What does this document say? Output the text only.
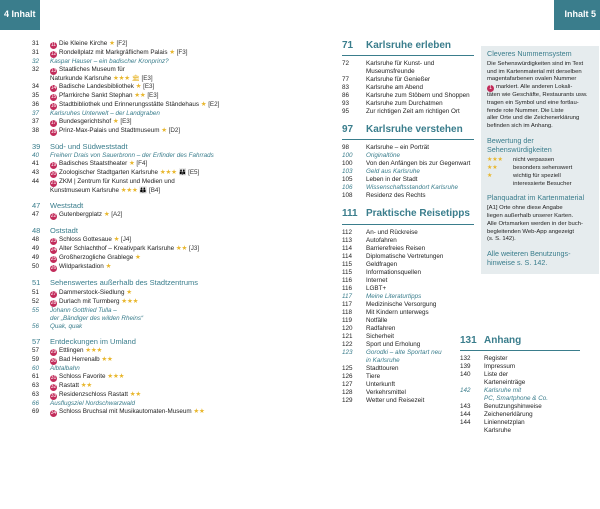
4 Inhalt	Inhalt 5
31	11 Die Kleine Kirche ★ [F2]
31	12 Rondellplatz mit Markgräflichem Palais ★ [F3]
32	Kaspar Hauser – ein badischer Kronprinz?
32	13 Staatliches Museum für
Naturkunde Karlsruhe ★★★ 🏛 [E3]
34	14 Badische Landesbibliothek ★ [E3]
35	15 Pfarrkirche Sankt Stephan ★★ [E3]
36	16 Stadtbibliothek und Erinnerungsstätte Ständehaus ★ [E2]
37	Karlsruhes Unterwelt – der Landgraben
37	17 Bundesgerichtshof ★ [E3]
38	18 Prinz-Max-Palais und Stadtmuseum ★ [D2]
39	Süd- und Südweststadt
40	Freiherr Drais von Sauerbronn – der Erfinder des Fahrrads
41	19 Badisches Staatstheater ★ [F4]
43	20 Zoologischer Stadtgarten Karlsruhe ★★★ 👪 [E5]
44	21 ZKM | Zentrum für Kunst und Medien und
Kunstmuseum Karlsruhe ★★★ 👪 [B4]
47	Weststadt
47	22 Gutenbergplatz ★ [A2]
48	Oststadt
48	23 Schloss Gottesaue ★ [J4]
49	24 Alter Schlachthof – Kreativpark Karlsruhe ★★ [J3]
49	25 Großherzogliche Grablege ★
50	26 Wildparkstadion ★
51	Sehenswertes außerhalb des Stadtzentrums
51	27 Dammerstock-Siedlung ★
52	28 Durlach mit Turmberg ★★★
55	Johann Gottfried Tulla –
der „Bändiger des wilden Rheins“
56	Quak, quak
57	Entdeckungen im Umland
57	29 Ettlingen ★★★
59	30 Bad Herrenalb ★★
60	Albtalbahn
61	31 Schloss Favorite ★★★
63	32 Rastatt ★★
63	33 Residenzschloss Rastatt ★★
66	Ausflugsziel Nordschwarzwald
69	34 Schloss Bruchsal mit Musikautomaten-Museum ★★
71	Karlsruhe erleben
72	Karlsruhe für Kunst- und
Museumsfreunde
77	Karlsruhe für Genießer
83	Karlsruhe am Abend
86	Karlsruhe zum Stöbern und Shoppen
93	Karlsruhe zum Durchatmen
95	Zur richtigen Zeit am richtigen Ort
97	Karlsruhe verstehen
98	Karlsruhe – ein Porträt
100	Originaltöne
100	Von den Anfängen bis zur Gegenwart
103	Geld aus Karlsruhe
105	Leben in der Stadt
106	Wissenschaftsstandort Karlsruhe
108	Residenz des Rechts
111 Praktische Reisetipps
112	An- und Rückreise
113	Autofahren
114	Barrierefreies Reisen
114	Diplomatische Vertretungen
115	Geldfragen
115	Informationsquellen
116	Internet
116	LGBT+
117	Meine Literaturtipps
117	Medizinische Versorgung
118	Mit Kindern unterwegs
119	Notfälle
120	Radfahren
121	Sicherheit
122	Sport und Erholung
123	Gorodki – alte Sportart neu
in Karlsruhe
125	Stadttouren
126	Tiere
127	Unterkunft
128	Verkehrsmittel
129	Wetter und Reisezeit
131 Anhang
132	Register
139	Impressum
140	Liste der
Karteneinträge
142	Karlsruhe mit
PC, Smartphone & Co.
143	Benutzungshinweise
144	Zeichenerklärung
144	Liniennetzplan
Karlsruhe
Cleveres Nummernsystem

Die Sehenswürdigkeiten sind im Text
und im Kartenmaterial mit derselben
magentafarbenen ovalen Nummer
1 markiert. Alle anderen Lokali-
täten wie Geschäfte, Restaurants usw.
tragen ein Symbol und eine fortlau-
fende rote Nummer. Die Liste
aller Orte und die Zeichenerklärung
befinden sich im Anhang.

Bewertung der Sehenswürdigkeiten
★★★	nicht verpassen
★★	besonders sehenswert
★	wichtig für speziell
interessierte Besucher
Planquadrat im Kartenmaterial

[A1] Orte ohne diese Angabe
liegen außerhalb unserer Karten.
Alle Ortsmarken werden in der buch-
begleitenden Web-App angezeigt
(s. S. 142).

Alle weiteren Benutzungs-
hinweise s. S. 142.
